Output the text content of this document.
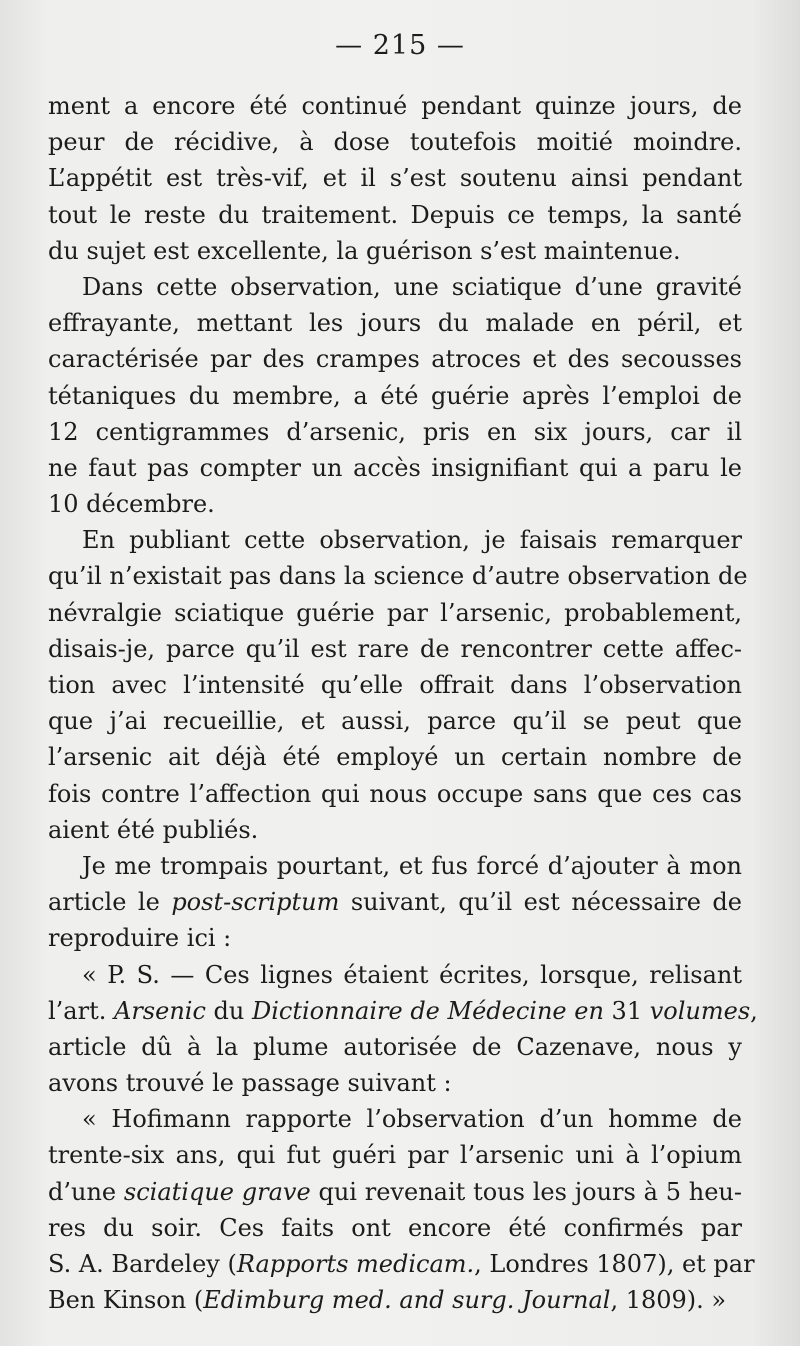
— 215 —
ment a encore été continué pendant quinze jours, de
peur de récidive, à dose toutefois moitié moindre.
L’appétit est très-vif, et il s’est soutenu ainsi pendant
tout le reste du traitement. Depuis ce temps, la santé
du sujet est excellente, la guérison s’est maintenue.
Dans cette observation, une sciatique d’une gravité
effrayante, mettant les jours du malade en péril, et
caractérisée par des crampes atroces et des secousses
tétaniques du membre, a été guérie après l’emploi de
12 centigrammes d’arsenic, pris en six jours, car il
ne faut pas compter un accès insignifiant qui a paru le
10 décembre.
En publiant cette observation, je faisais remarquer
qu’il n’existait pas dans la science d’autre observation de
névralgie sciatique guérie par l’arsenic, probablement,
disais-je, parce qu’il est rare de rencontrer cette affec-
tion avec l’intensité qu’elle offrait dans l’observation
que j’ai recueillie, et aussi, parce qu’il se peut que
l’arsenic ait déjà été employé un certain nombre de
fois contre l’affection qui nous occupe sans que ces cas
aient été publiés.
Je me trompais pourtant, et fus forcé d’ajouter à mon
article le post-scriptum suivant, qu’il est nécessaire de
reproduire ici :
« P. S. — Ces lignes étaient écrites, lorsque, relisant
l’art. Arsenic du Dictionnaire de Médecine en 31 volumes,
article dû à la plume autorisée de Cazenave, nous y
avons trouvé le passage suivant :
« Hofimann rapporte l’observation d’un homme de
trente-six ans, qui fut guéri par l’arsenic uni à l’opium
d’une sciatique grave qui revenait tous les jours à 5 heu-
res du soir. Ces faits ont encore été confirmés par
S. A. Bardeley (Rapports medicam., Londres 1807), et par
Ben Kinson (Edimburg med. and surg. Journal, 1809). »
